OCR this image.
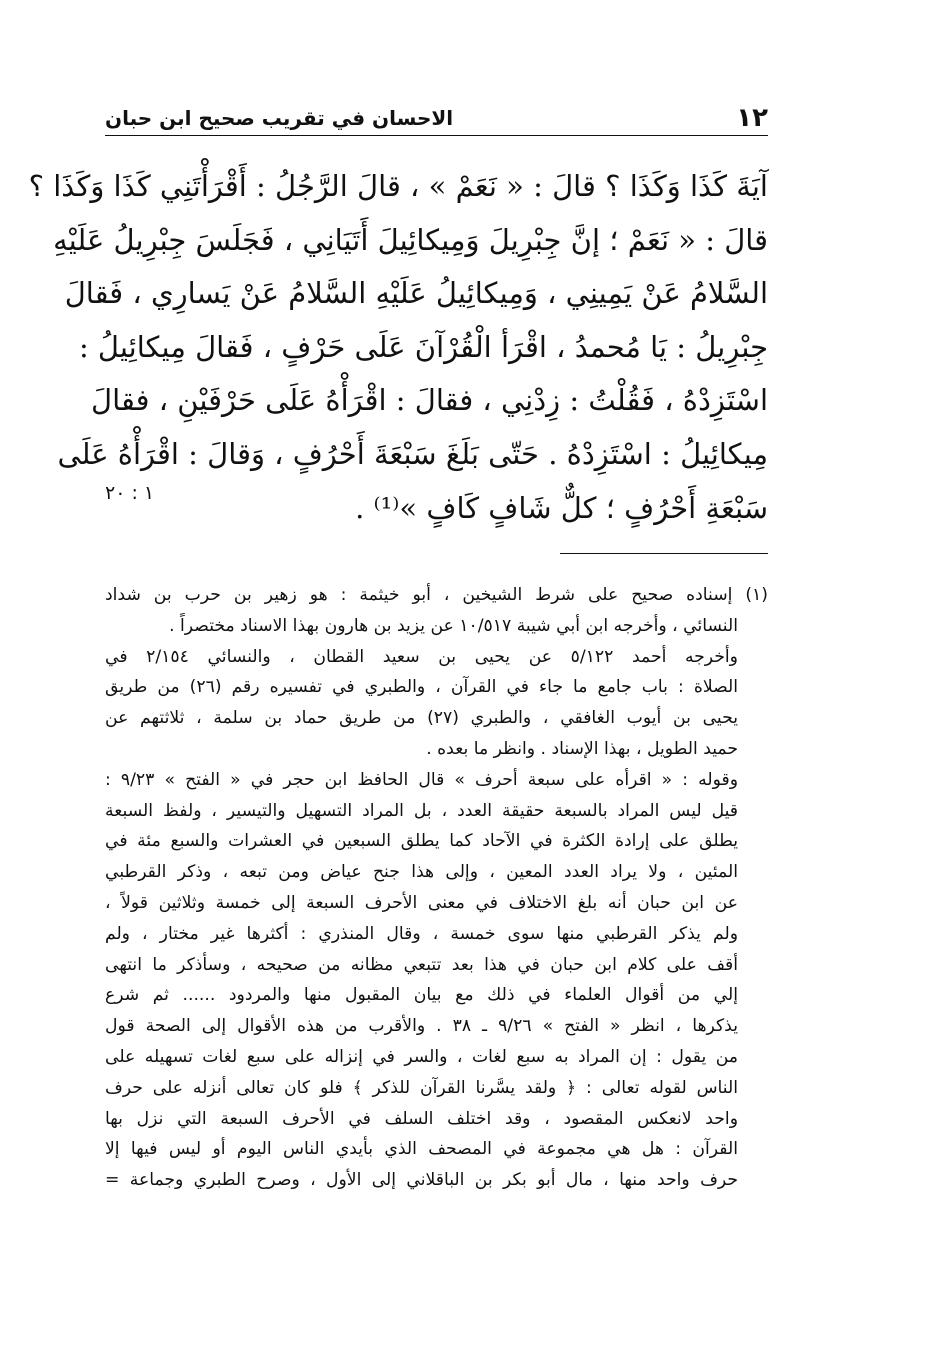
١٢
الاحسان في تقريب صحيح ابن حبان
آيَةَ كَذَا وَكَذَا ؟ قالَ : « نَعَمْ » ، قالَ الرَّجُلُ : أَقْرَأْتَنِي كَذَا وَكَذَا ؟
قالَ : « نَعَمْ ؛ إنَّ جِبْرِيلَ وَمِيكائِيلَ أَتَيَانِي ، فَجَلَسَ جِبْرِيلُ عَلَيْهِ
السَّلامُ عَنْ يَمِينِي ، وَمِيكائِيلُ عَلَيْهِ السَّلامُ عَنْ يَسارِي ، فَقالَ
جِبْرِيلُ : يَا مُحمدُ ، اقْرَأ الْقُرْآنَ عَلَى حَرْفٍ ، فَقالَ مِيكائِيلُ :
اسْتَزِدْهُ ، فَقُلْتُ : زِدْنِي ، فقالَ : اقْرَأْهُ عَلَى حَرْفَيْنِ ، فقالَ
مِيكائِيلُ : اسْتَزِدْهُ . حَتّى بَلَغَ سَبْعَةَ أَحْرُفٍ ، وَقالَ : اقْرَأْهُ عَلَى
سَبْعَةِ أَحْرُفٍ ؛ كلٌّ شَافٍ كَافٍ »⁽¹⁾ .
١ : ٢٠
(١) إسناده صحيح على شرط الشيخين ، أبو خيثمة : هو زهير بن حرب بن شداد
النسائي ، وأخرجه ابن أبي شيبة ١٠/٥١٧ عن يزيد بن هارون بهذا الاسناد مختصراً .
وأخرجه أحمد ٥/١٢٢ عن يحيى بن سعيد القطان ، والنسائي ٢/١٥٤ في
الصلاة : باب جامع ما جاء في القرآن ، والطبري في تفسيره رقم (٢٦) من طريق
يحيى بن أيوب الغافقي ، والطبري (٢٧) من طريق حماد بن سلمة ، ثلاثتهم عن
حميد الطويل ، بهذا الإسناد . وانظر ما بعده .
وقوله : « اقرأه على سبعة أحرف » قال الحافظ ابن حجر في « الفتح » ٩/٢٣ :
قيل ليس المراد بالسبعة حقيقة العدد ، بل المراد التسهيل والتيسير ، ولفظ السبعة
يطلق على إرادة الكثرة في الآحاد كما يطلق السبعين في العشرات والسبع مئة في
المئين ، ولا يراد العدد المعين ، وإلى هذا جنح عياض ومن تبعه ، وذكر القرطبي
عن ابن حبان أنه بلغ الاختلاف في معنى الأحرف السبعة إلى خمسة وثلاثين قولاً ،
ولم يذكر القرطبي منها سوى خمسة ، وقال المنذري : أكثرها غير مختار ، ولم
أقف على كلام ابن حبان في هذا بعد تتبعي مظانه من صحيحه ، وسأذكر ما انتهى
إلي من أقوال العلماء في ذلك مع بيان المقبول منها والمردود ...... ثم شرع
يذكرها ، انظر « الفتح » ٩/٢٦ ـ ٣٨ . والأقرب من هذه الأقوال إلى الصحة قول
من يقول : إن المراد به سبع لغات ، والسر في إنزاله على سبع لغات تسهيله على
الناس لقوله تعالى : ﴿ ولقد يسَّرنا القرآن للذكر ﴾ فلو كان تعالى أنزله على حرف
واحد لانعكس المقصود ، وقد اختلف السلف في الأحرف السبعة التي نزل بها
القرآن : هل هي مجموعة في المصحف الذي بأيدي الناس اليوم أو ليس فيها إلا
حرف واحد منها ، مال أبو بكر بن الباقلاني إلى الأول ، وصرح الطبري وجماعة =
